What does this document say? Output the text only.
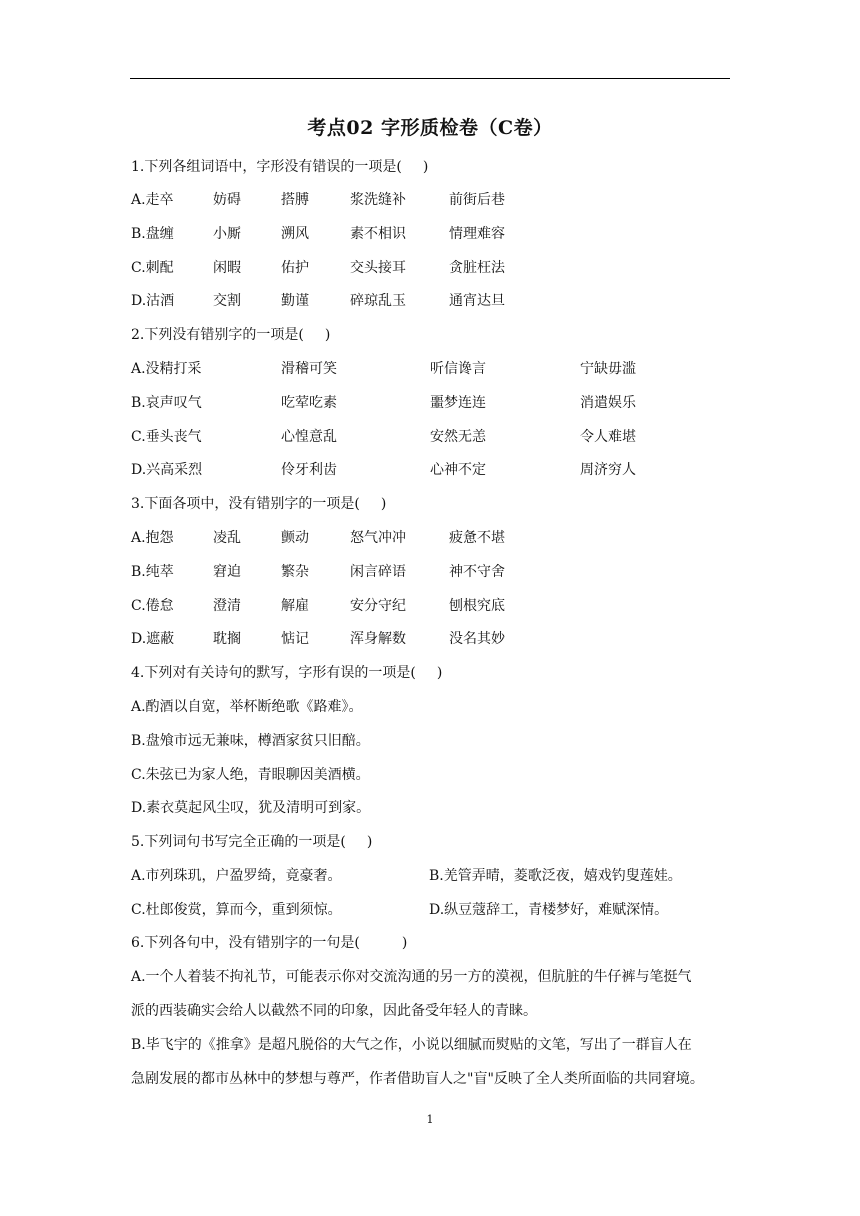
考点02 字形质检卷（C卷）
1.下列各组词语中，字形没有错误的一项是(  )
A.走卒	妨碍	搭膊	浆洗缝补	前街后巷
B.盘缠	小厮	溯风	素不相识	情理难容
C.刺配	闲暇	佑护	交头接耳	贪脏枉法
D.沽酒	交割	勤谨	碎琼乱玉	通宵达旦
2.下列没有错别字的一项是(  )
A.没精打采	滑稽可笑	听信谗言	宁缺毋滥
B.哀声叹气	吃荤吃素	噩梦连连	消遣娱乐
C.垂头丧气	心惶意乱	安然无恙	令人难堪
D.兴高采烈	伶牙利齿	心神不定	周济穷人
3.下面各项中，没有错别字的一项是(  )
A.抱怨	凌乱	颤动	怒气冲冲	疲惫不堪
B.纯萃	窘迫	繁杂	闲言碎语	神不守舍
C.倦怠	澄清	解雇	安分守纪	刨根究底
D.遮蔽	耽搁	惦记	浑身解数	没名其妙
4.下列对有关诗句的默写，字形有误的一项是(  )
A.酌酒以自宽，举杯断绝歌《路难》。
B.盘飧市远无兼味，樽酒家贫只旧醅。
C.朱弦已为家人绝，青眼聊因美酒横。
D.素衣莫起风尘叹，犹及清明可到家。
5.下列词句书写完全正确的一项是(  )
A.市列珠玑，户盈罗绮，竟豪奢。	B.羌管弄晴，菱歌泛夜，嬉戏钓叟莲娃。
C.杜郎俊赏，算而今，重到须惊。	D.纵豆蔻辞工，青楼梦好，难赋深情。
6.下列各句中，没有错别字的一句是(   )
A.一个人着装不拘礼节，可能表示你对交流沟通的另一方的漠视，但肮脏的牛仔裤与笔挺气
派的西装确实会给人以截然不同的印象，因此备受年轻人的青睐。
B.毕飞宇的《推拿》是超凡脱俗的大气之作，小说以细腻而熨贴的文笔，写出了一群盲人在
急剧发展的都市丛林中的梦想与尊严，作者借助盲人之"盲"反映了全人类所面临的共同窘境。
1
